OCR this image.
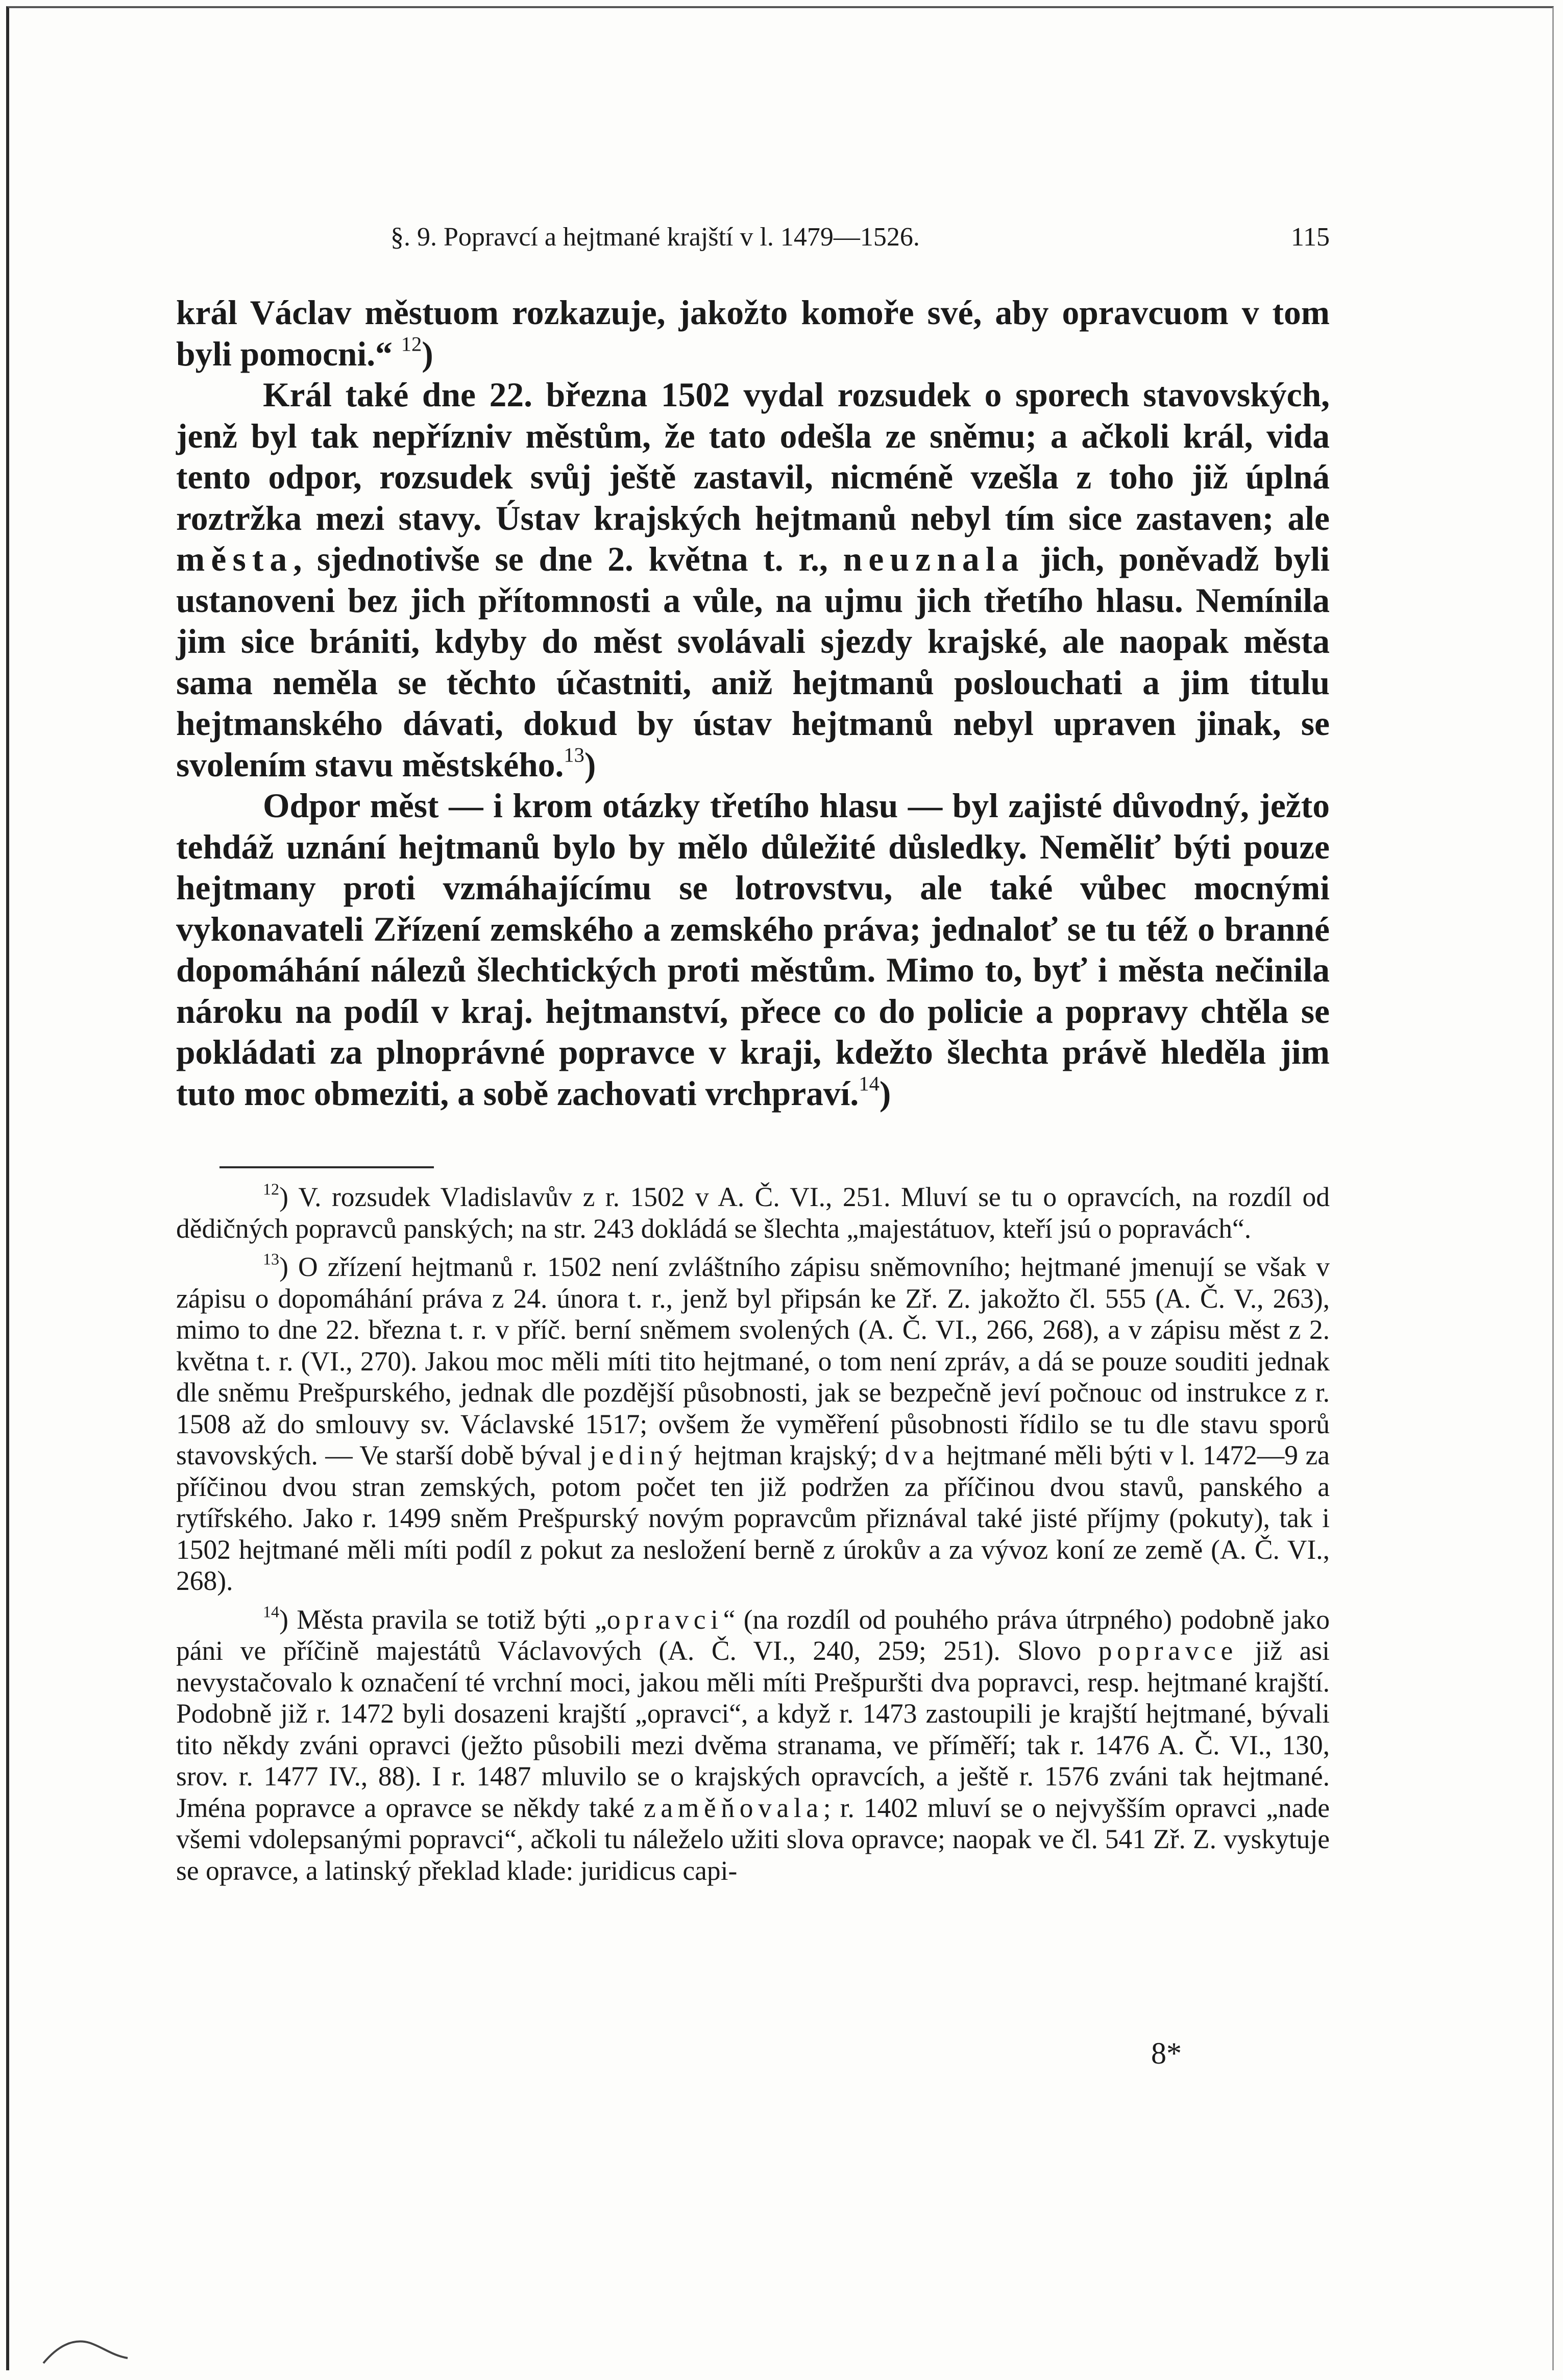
§. 9. Popravcí a hejtmané krajští v l. 1479—1526.	115

král Václav městuom rozkazuje, jakožto komoře své, aby opravcuom v tom byli pomocni.“ $^{12}$)

Král také dne 22. března 1502 vydal rozsudek o sporech stavovských, jenž byl tak nepřízniv městům, že tato odešla ze sněmu; a ačkoli král, vida tento odpor, rozsudek svůj ještě zastavil, nicméně vzešla z toho již úplná roztržka mezi stavy. Ústav krajských hejtmanů nebyl tím sice zastaven; ale města, sjednotivše se dne 2. května t. r., neuznala jich, poněvadž byli ustanoveni bez jich přítomnosti a vůle, na ujmu jich třetího hlasu. Nemínila jim sice brániti, kdyby do měst svolávali sjezdy krajské, ale naopak města sama neměla se těchto účastniti, aniž hejtmanů poslouchati a jim titulu hejtmanského dávati, dokud by ústav hejtmanů nebyl upraven jinak, se svolením stavu městského.$^{13}$)

Odpor měst — i krom otázky třetího hlasu — byl zajisté důvodný, ježto tehdáž uznání hejtmanů bylo by mělo důležité důsledky. Neměliť býti pouze hejtmany proti vzmáhajícímu se lotrovstvu, ale také vůbec mocnými vykonavateli Zřízení zemského a zemského práva; jednaloť se tu též o branné dopomáhání nálezů šlechtických proti městům. Mimo to, byť i města nečinila nároku na podíl v kraj. hejtmanství, přece co do policie a popravy chtěla se pokládati za plnoprávné popravce v kraji, kdežto šlechta právě hleděla jim tuto moc obmeziti, a sobě zachovati vrchpraví.$^{14}$)

$^{12}$) V. rozsudek Vladislavův z r. 1502 v A. Č. VI., 251. Mluví se tu o opravcích, na rozdíl od dědičných popravců panských; na str. 243 dokládá se šlechta „majestátuov, kteří jsú o popravách“.

$^{13}$) O zřízení hejtmanů r. 1502 není zvláštního zápisu sněmovního; hejtmané jmenují se však v zápisu o dopomáhání práva z 24. února t. r., jenž byl připsán ke Zř. Z. jakožto čl. 555 (A. Č. V., 263), mimo to dne 22. března t. r. v příč. berní sněmem svolených (A. Č. VI., 266, 268), a v zápisu měst z 2. května t. r. (VI., 270). Jakou moc měli míti tito hejtmané, o tom není zpráv, a dá se pouze souditi jednak dle sněmu Prešpurského, jednak dle pozdější působnosti, jak se bezpečně jeví počnouc od instrukce z r. 1508 až do smlouvy sv. Václavské 1517; ovšem že vyměření působnosti řídilo se tu dle stavu sporů stavovských. — Ve starší době býval jediný hejtman krajský; dva hejtmané měli býti v l. 1472—9 za příčinou dvou stran zemských, potom počet ten již podržen za příčinou dvou stavů, panského a rytířského. Jako r. 1499 sněm Prešpurský novým popravcům přiznával také jisté příjmy (pokuty), tak i 1502 hejtmané měli míti podíl z pokut za nesložení berně z úrokův a za vývoz koní ze země (A. Č. VI., 268).

$^{14}$) Města pravila se totiž býti „opravci“ (na rozdíl od pouhého práva útrpného) podobně jako páni ve příčině majestátů Václavových (A. Č. VI., 240, 259; 251). Slovo popravce již asi nevystačovalo k označení té vrchní moci, jakou měli míti Prešpuršti dva popravci, resp. hejtmané krajští. Podobně již r. 1472 byli dosazeni krajští „opravci“, a když r. 1473 zastoupili je krajští hejtmané, bývali tito někdy zváni opravci (ježto působili mezi dvěma stranama, ve příměří; tak r. 1476 A. Č. VI., 130, srov. r. 1477 IV., 88). I r. 1487 mluvilo se o krajských opravcích, a ještě r. 1576 zváni tak hejtmané. Jména popravce a opravce se někdy také zaměňovala; r. 1402 mluví se o nejvyšším opravci „nade všemi vdolepsanými popravci“, ačkoli tu náleželo užiti slova opravce; naopak ve čl. 541 Zř. Z. vyskytuje se opravce, a latinský překlad klade: juridicus capi-

8*
